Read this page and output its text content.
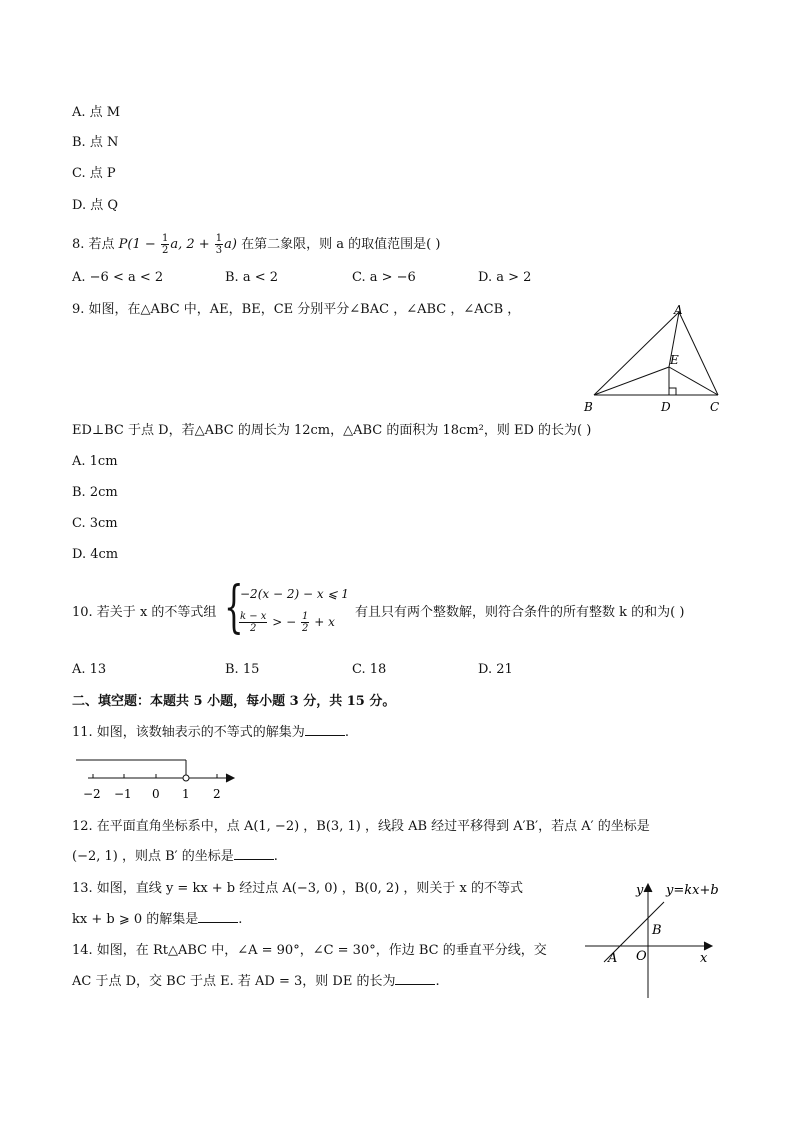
A. 点 M
B. 点 N
C. 点 P
D. 点 Q
8. 若点 $P(1 - \frac{1}{2} a$, $2 + \frac{1}{3} a$) 在第二象限，则 a 的取值范围是( )
A. −6 < a < 2	B. a < 2	C. a > −6	D. a > 2
9. 如图，在△ABC 中，AE，BE，CE 分别平分∠BAC ，∠ABC ，∠ACB ，	A
B	C
D
E
ED⊥BC 于点 D，若△ABC 的周长为 12cm，△ABC 的面积为 18cm²，则 ED 的长为( )
A. 1cm
B. 2cm
C. 3cm
D. 4cm
10. 若关于 x 的不等式组 {
−2(x − 2) − x ⩽ 1
$\frac{k - x}{2}$ > − $\frac{1}{2} + x$
有且只有两个整数解，则符合条件的所有整数 k 的和为( )
A. 13	B. 15	C. 18	D. 21
二、填空题：本题共 5 小题，每小题 3 分，共 15 分。
11. 如图，该数轴表示的不等式的解集为	.
−2 −1 0 1 2
12. 在平面直角坐标系中，点 A(1, −2) ，B(3, 1) ，线段 AB 经过平移得到 A′B′，若点 A′ 的坐标是
(−2, 1) ，则点 B′ 的坐标是	.
13. 如图，直线 y = kx + b 经过点 A(−3, 0) ，B(0, 2) ，则关于 x 的不等式
kx + b ⩾ 0 的解集是	.
y y=kx+b
B
A O	x
14. 如图，在 Rt△ABC 中，∠A = 90°，∠C = 30°，作边 BC 的垂直平分线，交
AC 于点 D，交 BC 于点 E. 若 AD = 3，则 DE 的长为	.
